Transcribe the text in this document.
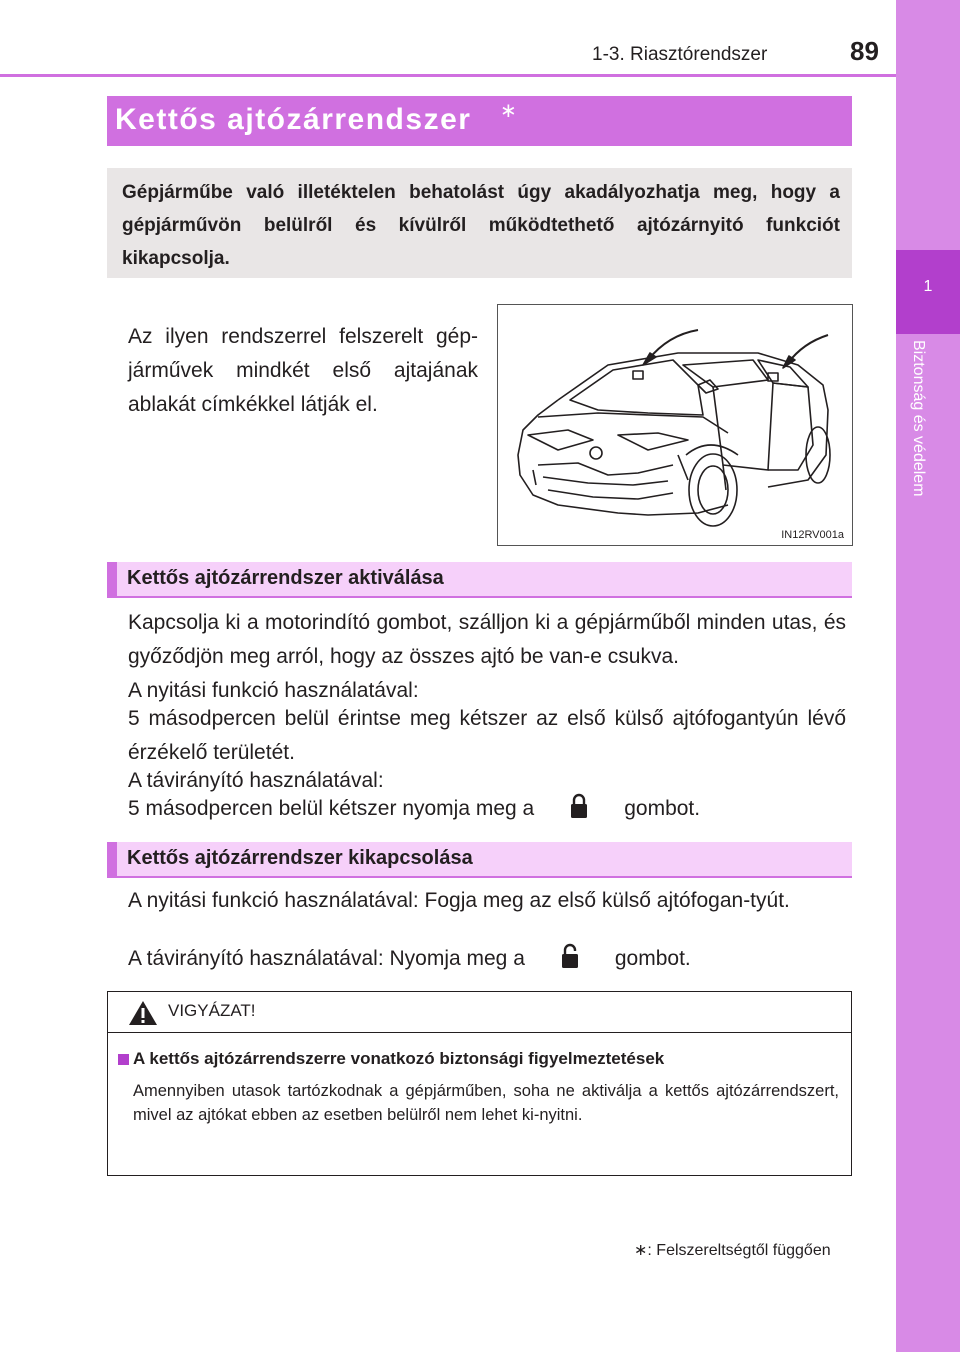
1-3. Riasztórendszer	89
1
Biztonság és védelem
Kettős ajtózárrendszer ∗
Gépjárműbe való illetéktelen behatolást úgy akadályozhatja meg, hogy a gépjárművön belülről és kívülről működtethető ajtózárnyitó funkciót kikapcsolja.
Az ilyen rendszerrel felszerelt gép-járművek mindkét első ajtajának ablakát címkékkel látják el.
IN12RV001a
Kettős ajtózárrendszer aktiválása
Kapcsolja ki a motorindító gombot, szálljon ki a gépjárműből minden utas, és győződjön meg arról, hogy az összes ajtó be van-e csukva.
A nyitási funkció használatával:
5 másodpercen belül érintse meg kétszer az első külső ajtófogantyún lévő érzékelő területét.
A távirányító használatával:
5 másodpercen belül kétszer nyomja meg a	gombot.
Kettős ajtózárrendszer kikapcsolása
A nyitási funkció használatával: Fogja meg az első külső ajtófogan-tyút.
A távirányító használatával: Nyomja meg a	gombot.
VIGYÁZAT!
A kettős ajtózárrendszerre vonatkozó biztonsági figyelmeztetések
Amennyiben utasok tartózkodnak a gépjárműben, soha ne aktiválja a kettős ajtózárrendszert, mivel az ajtókat ebben az esetben belülről nem lehet ki-nyitni.
∗: Felszereltségtől függően
